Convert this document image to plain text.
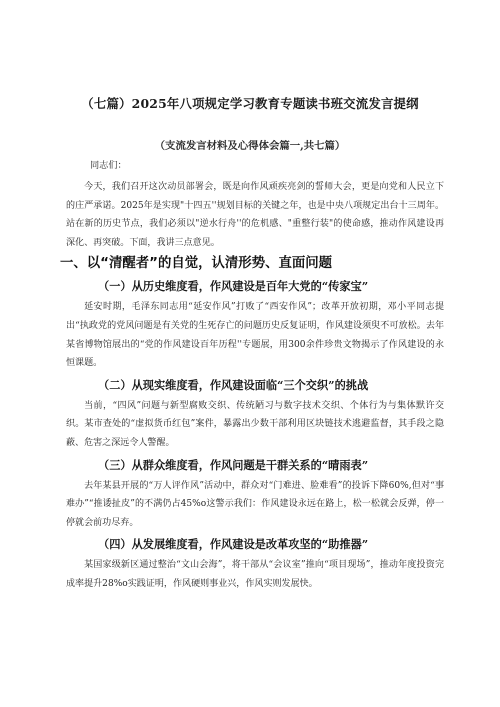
（七篇）2025年八项规定学习教育专题读书班交流发言提纲
（支流发言材料及心得体会篇一,共七篇）
同志们：

今天，我们召开这次动员部署会，既是向作风顽疾亮剑的誓师大会，更是向党和人民立下的庄严承诺。2025年是实现"十四五''规划目标的关键之年，也是中央八项规定出台十三周年。站在新的历史节点，我们必须以"逆水行舟''的危机感、"重整行装"的使命感，推动作风建设再深化、再突破。下面，我讲三点意见。

一、以“清醒者”的自觉，认清形势、直面问题
（一）从历史维度看，作风建设是百年大党的“传家宝”

延安时期，毛泽东同志用“延安作风”打败了“西安作风”；改革开放初期，邓小平同志提出“执政党的党风问题是有关党的生死存亡的问题历史反复证明，作风建设须臾不可放松。去年某省博物馆展出的“党的作风建设百年历程''专题展，用300余件珍贵文物揭示了作风建设的永恒课题。

（二）从现实维度看，作风建设面临“三个交织”的挑战

当前，“四风”问题与新型腐败交织、传统陋习与数字技术交织、个体行为与集体默许交织。某市查处的“虚拟货币红包”案件，暴露出少数干部利用区块链技术逃避监督，其手段之隐蔽、危害之深远令人警醒。

（三）从群众维度看，作风问题是干群关系的“晴雨表”

去年某县开展的“万人评作风”活动中，群众对“门难进、脸难看”的投诉下降60%,但对“事难办”“推诿扯皮”的不满仍占45%o这警示我们：作风建设永远在路上，松一松就会反弹，停一停就会前功尽弃。

（四）从发展维度看，作风建设是改革攻坚的“助推器”

某国家级新区通过整治“文山会海”，将干部从“会议室”推向“项目现场”，推动年度投资完成率提升28%o实践证明，作风硬则事业兴，作风实则发展快。
